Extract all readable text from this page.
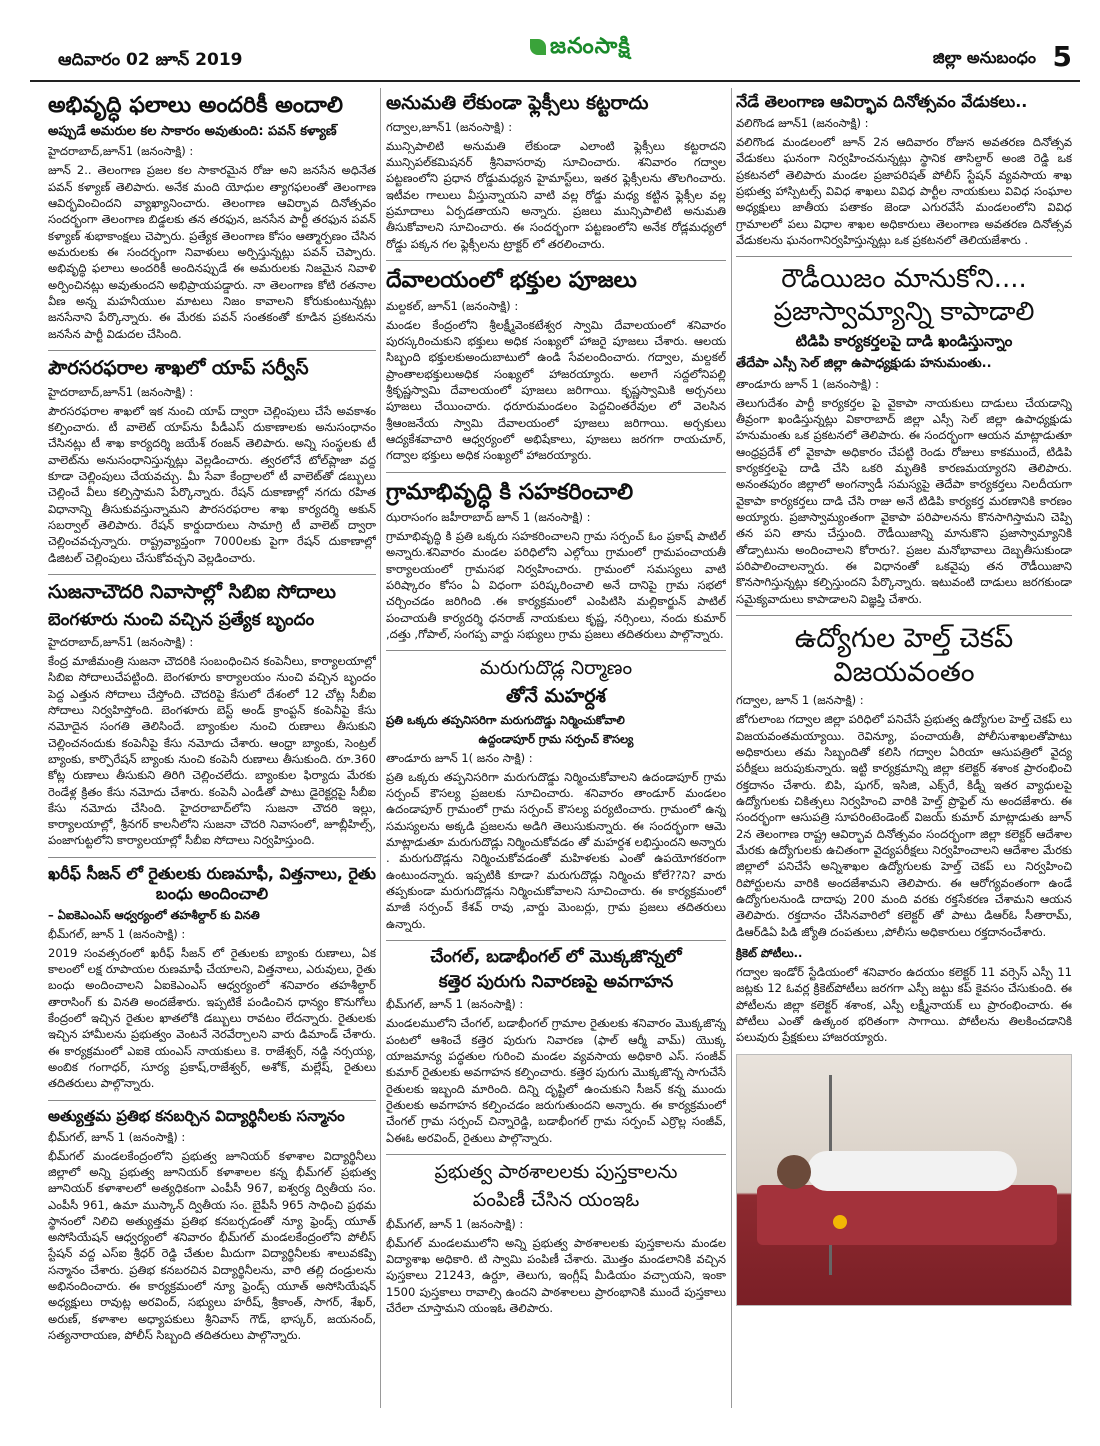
ఆదివారం 02 జూన్ 2019
జనంసాక్షి	జిల్లా అనుబంధం 5
అభివృద్ధి ఫలాలు అందరికీ అందాలి
అప్పుడే అమరుల కల సాకారం అవుతుంది: పవన్ కళ్యాణ్
హైదరాబాద్,జూన్1 (జనంసాక్షి) :

జూన్ 2.. తెలంగాణ ప్రజల కల సాకారమైన రోజు అని జనసేన అధినేత పవన్ కళ్యాణ్ తెలిపారు. అనేక మంది యోధుల త్యాగఫలంతో తెలంగాణ ఆవిర్భవించిందని వ్యాఖ్యానించారు. తెలంగాణ ఆవిర్భావ దినోత్సవం సందర్భంగా తెలంగాణ బిడ్డలకు తన తరఫున, జనసేన పార్టీ తరఫున పవన్ కళ్యాణ్ శుభాకాంక్షలు చెప్పారు. ప్రత్యేక తెలంగాణ కోసం ఆత్మార్పణం చేసిన అమరులకు ఈ సందర్భంగా నివాళులు అర్పిస్తున్నట్లు పవన్ చెప్పారు. అభివృద్ధి ఫలాలు అందరికీ అందినప్పుడే ఈ అమరులకు నిజమైన నివాళి అర్పించినట్లు అవుతుందని అభిప్రాయపడ్డారు. నా తెలంగాణ కోటి రతనాల వీణ అన్న మహనీయుల మాటలు నిజం కావాలని కోరుకుంటున్నట్లు జనసేనాని పేర్కొన్నారు. ఈ మేరకు పవన్ సంతకంతో కూడిన ప్రకటనను జనసేన పార్టీ విడుదల చేసింది.

పౌరసరఫరాల శాఖలో యాప్ సర్వీస్
హైదరాబాద్,జూన్1 (జనంసాక్షి) :

పౌరసరఫరాల శాఖలో ఇక నుంచి యాప్ ద్వారా చెల్లింపులు చేసే అవకాశం కల్పించారు. టీ వాలెట్ యాప్‌ను పీడీఎస్ దుకాణాలకు అనుసంధానం చేసినట్లు టీ శాఖ కార్యదర్శి జయేశ్ రంజన్ తెలిపారు. అన్ని సంస్థలకు టీ వాలెట్‌ను అనుసంధానిస్తున్నట్లు వెల్లడించారు. త్వరలోనే టోల్‌ప్లాజా వద్ద కూడా చెల్లింపులు చేయవచ్చు. మీ సేవా కేంద్రాలలో టీ వాలెట్‌తో డబ్బులు చెల్లించే వీలు కల్పిస్తామని పేర్కొన్నారు. రేషన్ దుకాణాల్లో నగదు రహిత విధానాన్ని తీసుకువస్తున్నామని పౌరసరఫరాల శాఖ కార్యదర్శి అకున్ సబర్వాల్ తెలిపారు. రేషన్ కార్డుదారులు సామాగ్రి టీ వాలెట్ ద్వారా చెల్లించవచ్చన్నారు. రాష్ట్రవ్యాప్తంగా 7000లకు పైగా రేషన్ దుకాణాల్లో డిజిటల్ చెల్లింపులు చేసుకోవచ్చని వెల్లడించారు.

సుజనాచౌదరి నివాసాల్లో సిబిఐ సోదాలు
బెంగళూరు నుంచి వచ్చిన ప్రత్యేక బృందం
హైదరాబాద్,జూన్1 (జనంసాక్షి) :

కేంద్ర మాజీమంత్రి సుజనా చౌదరికి సంబంధించిన కంపెనీలు, కార్యాలయాల్లో సిబిఐ సోదాలుచేపట్టింది. బెంగళూరు కార్యాలయం నుంచి వచ్చిన బృందం పెద్ద ఎత్తున సోదాలు చేస్తోంది. చౌదరిపై కేసులో దేశంలో 12 చోట్ల సీబీఐ సోదాలు నిర్వహిస్తోంది. బెంగళూరు బెస్ట్ అండ్ క్రాంప్టన్ కంపెనీపై కేసు నమోదైన సంగతి తెలిసిందే. బ్యాంకుల నుంచి రుణాలు తీసుకుని చెల్లించనందుకు కంపెనీపై కేసు నమోదు చేశారు. ఆంధ్రా బ్యాంకు, సెంట్రల్ బ్యాంకు, కార్పొరేషన్ బ్యాంకు నుంచి కంపెనీ రుణాలు తీసుకుంది. రూ.360 కోట్ల రుణాలు తీసుకుని తిరిగి చెల్లించలేదు. బ్యాంకుల ఫిర్యాదు మేరకు రెండేళ్ల క్రితం కేసు నమోదు చేశారు. కంపెనీ ఎండీతో పాటు డైరెక్టర్లపై సీబీఐ కేసు నమోదు చేసింది. హైదరాబాద్‌లోని సుజనా చౌదరి ఇల్లు, కార్యాలయాల్లో, శ్రీనగర్ కాలనీలోని సుజనా చౌదరి నివాసంలో, జూబ్లీహిల్స్, పంజాగుట్టలోని కార్యాలయాల్లో సీబీఐ సోదాలు నిర్వహిస్తుంది.

ఖరీఫ్ సీజన్ లో రైతులకు రుణమాఫీ, విత్తనాలు, రైతు బంధు అందించాలి
– ఏఐకెఎంఎస్ ఆధ్వర్యంలో తహశీల్దార్ కు వినతి
భీమ్‌గల్, జూన్ 1 (జనంసాక్షి) :

2019 సంవత్సరంలో ఖరీఫ్ సీజన్ లో రైతులకు బ్యాంకు రుణాలు, ఏక కాలంలో లక్ష రూపాయల రుణమాఫీ చేయాలని, విత్తనాలు, ఎరువులు, రైతు బంధు అందించాలని ఏఐకెఎంఎస్ ఆధ్వర్యంలో శనివారం తహశీల్దార్ తారాసింగ్ కు వినతి అందజేశారు. ఇప్పటికే పండించిన ధాన్యం కొనుగోలు కేంద్రంలో ఇచ్చిన రైతుల ఖాతలోకి డబ్బులు రావటం లేదన్నారు. రైతులకు ఇచ్చిన హామీలను ప్రభుత్వం వెంటనే నెరవేర్చాలని వారు డిమాండ్ చేశారు. ఈ కార్యక్రమంలో ఎఐకె యంఎస్ నాయకులు కె. రాజేశ్వర్, నడ్డి నర్సయ్య, అంబిక గంగాధర్, సూర్య ప్రకాష్,రాజేశ్వర్, అశోక్, మల్లేష్, రైతులు తదితరులు పాల్గొన్నారు.

అత్యుత్తమ ప్రతిభ కనబర్చిన విద్యార్థినీలకు సన్మానం
భీమ్‌గల్, జూన్ 1 (జనంసాక్షి) :

భీమ్‌గల్ మండలకేంద్రంలోని ప్రభుత్వ జూనియర్ కళాశాల విద్యార్థినీలు జిల్లాలో అన్ని ప్రభుత్వ జూనియర్ కళాశాలల కన్న భీమ్‌గల్ ప్రభుత్వ జూనియర్ కళాశాలలో అత్యధికంగా ఎంపీసీ 967, ఐశ్వర్య ద్వితీయ సం. ఎంపీసీ 961, ఉమా ముస్కాన్ ద్వితీయ సం. బైపీసీ 965 సాధించి ప్రథమ స్థానంలో నిలిచి అత్యుత్తమ ప్రతిభ కనబర్చడంతో న్యూ ఫ్రెండ్స్ యూత్ అసోసియేషన్ ఆధ్వర్యంలో శనివారం భీమ్‌గల్ మండలకేంద్రంలోని పోలీస్ స్టేషన్ వద్ద ఎస్ఐ శ్రీధర్ రెడ్డి చేతుల మీదుగా విద్యార్థినీలకు శాలువకప్పి సన్మానం చేశారు. ప్రతిభ కనబరచిన విద్యార్థినీలను, వారి తల్లి దండ్రులను అభినందించారు. ఈ కార్యక్రమంలో న్యూ ఫ్రెండ్స్ యూత్ అసోసియేషన్ అధ్యక్షులు రావుట్ల అరవింద్, సభ్యులు హరీష్, శ్రీకాంత్, సాగర్, శేఖర్, అరుణ్, కళాశాల అధ్యాపకులు శ్రీనివాస్ గౌడ్, భాస్కర్, జయనంద్, సత్యనారాయణ, పోలీస్ సిబ్బంది తదితరులు పాల్గొన్నారు.

అనుమతి లేకుండా ఫ్లెక్సీలు కట్టరాదు
గద్వాల,జూన్1 (జనంసాక్షి) :

మున్సిపాలిటి అనుమతి లేకుండా ఎలాంటి ఫ్లెక్సీలు కట్టరాదని మున్సిపల్‌కమిషనర్ శ్రీనివాసరావు సూచించారు. శనివారం గద్వాల పట్టణంలోని ప్రధాన రోడ్డుమధ్యన హైమాస్ట్‌లు, ఇతర ఫ్లెక్సీలను తొలగించారు. ఇటీవల గాలులు వీస్తున్నాయని వాటి వల్ల రోడ్డు మధ్య కట్టిన ఫ్లెక్సీల వల్ల ప్రమాదాలు ఏర్పడతాయని అన్నారు. ప్రజలు మున్సిపాలిటి అనుమతి తీసుకోవాలని సూచించారు. ఈ సందర్భంగా పట్టణంలోని అనేక రోడ్లమధ్యలో రోడ్డు పక్కన గల ఫ్లెక్సీలను ట్రాక్టర్ లో తరలించారు.

దేవాలయంలో భక్తుల పూజలు
మల్దకల్, జూన్1 (జనంసాక్షి) :

మండల కేంద్రంలోని శ్రీలక్ష్మీవెంకటేశ్వర స్వామి దేవాలయంలో శనివారం పురస్కరించుకుని భక్తులు అధిక సంఖ్యలో హాజరై పూజలు చేశారు. ఆలయ సిబ్బంది భక్తులకుఅందుబాటులో ఉండి సేవలందించారు. గద్వాల, మల్దకల్ ప్రాంతాలభక్తులుఅధిక సంఖ్యలో హాజరయ్యారు. అలాగే సద్దలోనిపల్లి శ్రీకృష్ణస్వామి దేవాలయంలో పూజలు జరిగాయి. కృష్ణస్వామికి అర్చనలు పూజలు చేయించారు. ధరూరుమండలం పెద్దచింతరేవుల లో వెలసిన శ్రీఆంజనేయ స్వామి దేవాలయంలో పూజలు జరిగాయి. అర్చకులు ఆద్యకేశవాచారి ఆధ్వర్యంలో అభిషేకాలు, పూజలు జరగగా రాయచూర్, గద్వాల భక్తులు అధిక సంఖ్యలో హాజరయ్యారు.

గ్రామాభివృద్ధి కి సహకరించాలి
ఝరాసంగం జహీరాబాద్ జూన్ 1 (జనంసాక్షి) :

గ్రామాభివృద్ధి కి ప్రతి ఒక్కరు సహకరించాలని గ్రామ సర్పంచ్ ఓం ప్రకాష్ పాటిల్ అన్నారు.శనివారం మండల పరిధిలోని ఎల్గోయి గ్రామంలో గ్రామపంచాయతీ కార్యాలయంలో గ్రామసభ నిర్వహించారు. గ్రామంలో సమస్యలు వాటి పరిష్కారం కోసం ఏ విధంగా పరిష్కరించాలి అనే దానిపై గ్రామ సభలో చర్చించడం జరిగింది .ఈ కార్యక్రమంలో ఎంపిటిసి మల్లికార్జున్ పాటిల్ పంచాయతీ కార్యదర్శి ధనరాజ్ నాయకులు కృష్ణ, నర్సింలు, నందు కుమార్ ,దత్తు ,గోపాల్, సంగప్ప వార్డు సభ్యులు గ్రామ ప్రజలు తదితరులు పాల్గొన్నారు.

మరుగుదొడ్ల నిర్మాణం
తోనే మహర్దశ
ప్రతి ఒక్కరు తప్పనిసరిగా మరుగుదొడ్డు నిర్మించుకోవాలి
ఉద్దండాపూర్ గ్రామ సర్పంచ్ కౌసల్య
తాండూరు జూన్ 1( జనం సాక్షి) :

ప్రతి ఒక్కరు తప్పనిసరిగా మరుగుదొడ్డు నిర్మించుకోవాలని ఉదండాపూర్ గ్రామ సర్పంచ్ కౌసల్య ప్రజలకు సూచించారు. శనివారం తాండూర్ మండలం ఉదండాపూర్ గ్రామంలో గ్రామ సర్పంచ్ కౌసల్య పర్యటించారు. గ్రామంలో ఉన్న సమస్యలను అక్కడి ప్రజలను అడిగి తెలుసుకున్నారు. ఈ సందర్భంగా ఆమె మాట్లాడుతూ మరుగుదొడ్లు నిర్మించుకోవడం తో మహర్దశ లభిస్తుందని అన్నారు . మరుగుదొడ్లను నిర్మించుకోవడంతో మహిళలకు ఎంతో ఉపయోగకరంగా ఉంటుందన్నారు. ఇప్పటికి కూడా? మరుగుదొడ్లు నిర్మించు కోలే??ని? వారు తప్పకుండా మరుగుదొడ్లను నిర్మించుకోవాలని సూచించారు. ఈ కార్యక్రమంలో మాజీ సర్పంచ్ కేశవ్ రావు ,వార్డు మెంబర్లు, గ్రామ ప్రజలు తదితరులు ఉన్నారు.

చేంగల్, బడాభీంగల్ లో మొక్కజొన్నలో
కత్తెర పురుగు నివారణపై అవగాహన
భీమ్‌గల్, జూన్ 1 (జనంసాక్షి) :

మండలములోని చేంగల్, బడాభీంగల్ గ్రామాల రైతులకు శనివారం మొక్కజొన్న పంటలో ఆశించే కత్తెర పురుగు నివారణ (ఫాల్ ఆర్మీ వామ్) యొక్క యాజమాన్య పద్ధతుల గురించి మండల వ్యవసాయ అధికారి ఎస్. సంజీవ్ కుమార్ రైతులకు అవగాహన కల్పించారు. కత్తెర పురుగు మొక్కజొన్న సాగుచేసే రైతులకు ఇబ్బంది మారింది. దిన్ని దృష్టిలో ఉంచుకుని సీజన్ కన్న ముందు రైతులకు అవగాహన కల్పించడం జరుగుతుందని అన్నారు. ఈ కార్యక్రమంలో చేంగల్ గ్రామ సర్పంచ్ చిన్నారెడ్డి, బడాభీంగల్ గ్రామ సర్పంచ్ ఎర్రొల్ల సంజీవ్, ఏఈఓ అరవింద్, రైతులు పాల్గొన్నారు.

ప్రభుత్వ పాఠశాలలకు పుస్తకాలను
పంపిణీ చేసిన యంఇఓ
భీమ్‌గల్, జూన్ 1 (జనంసాక్షి) :

భీమ్‌గల్ మండలములోని అన్ని ప్రభుత్వ పాఠశాలలకు పుస్తకాలను మండల విద్యాశాఖ అధికారి. టి స్వామి పంపిణీ చేశారు. మొత్తం మండలానికి వచ్చిన పుస్తకాలు 21243, ఉర్దూ, తెలుగు, ఇంగ్లీష్ మీడియం వచ్చాయని, ఇంకా 1500 పుస్తకాలు రావాల్సి ఉందని పాఠశాలలు ప్రారంభానికి ముందే పుస్తకాలు చేరేలా చూస్తామని యంఇఓ తెలిపారు.

నేడే తెలంగాణ ఆవిర్భావ దినోత్సవం వేడుకలు..
వలిగొండ జూన్1 (జనంసాక్షి) :

వలిగొండ మండలంలో జూన్ 2న ఆదివారం రోజున అవతరణ దినోత్సవ వేడుకలు ఘనంగా నిర్వహించనున్నట్లు స్థానిక తాసిల్దార్ అంజి రెడ్డి ఒక ప్రకటనలో తెలిపారు మండల ప్రజాపరిషత్ పోలీస్ స్టేషన్ వ్యవసాయ శాఖ ప్రభుత్వ హాస్పిటల్స్ వివిధ శాఖలు వివిధ పార్టీల నాయకులు వివిధ సంఘాల అధ్యక్షులు జాతీయ పతాకం జెండా ఎగురవేసే మండలంలోని వివిధ గ్రామాలలో పలు విధాల శాఖల అధికారులు తెలంగాణ అవతరణ దినోత్సవ వేడుకలను ఘనంగానిర్వహిస్తున్నట్లు ఒక ప్రకటనలో తెలియజేశారు .

రౌడీయిజం మానుకోని....
ప్రజాస్వామ్యాన్ని కాపాడాలి
టిడిపి కార్యకర్తలపై దాడి ఖండిస్తున్నాం
తేదేపా ఎస్సీ సెల్ జిల్లా ఉపాధ్యక్షుడు హనుమంతు..
తాండూరు జూన్ 1 (జనంసాక్షి) :

తెలుగుదేశం పార్టీ కార్యకర్తల పై వైకాపా నాయకులు దాడులు చేయడాన్ని తీవ్రంగా ఖండిస్తున్నట్లు వికారాబాద్ జిల్లా ఎస్సీ సెల్ జిల్లా ఉపాధ్యక్షుడు హనుమంతు ఒక ప్రకటనలో తెలిపారు. ఈ సందర్భంగా ఆయన మాట్లాడుతూ ఆంధ్రప్రదేశ్ లో వైకాపా అధికారం చేపట్టి రెండు రోజులు కాకముందే, టిడిపి కార్యకర్తలపై దాడి చేసి ఒకరి మృతికి కారణమయ్యారని తెలిపారు. అనంతపురం జిల్లాలో అంగన్వాడీ సమస్యపై తెదేపా కార్యకర్తలు నిలదీయగా వైకాపా కార్యకర్తలు దాడి చేసి రాజు అనే టిడిపి కార్యకర్త మరణానికి కారణం అయ్యారు. ప్రజాస్వామ్యంతంగా వైకాపా పరిపాలనను కొనసాగిస్తామని చెప్పి తన పని తాను చేస్తుంది. రౌడీయిజాన్ని మానుకొని ప్రజాస్వామ్యానికి తోడ్పాటును అందించాలని కోరారు?. ప్రజల మనోభావాలు దెబ్బతీసుకుండా పరిపాలించాలన్నారు. ఈ విధానంతో ఒకవైపు తన రౌడీయిజాని కొనసాగిస్తున్నట్లు కల్పిస్తుందని పేర్కొన్నారు. ఇటువంటి దాడులు జరగకుండా సమైక్యవాదులు కాపాడాలని విజ్ఞప్తి చేశారు.

ఉద్యోగుల హెల్త్ చెకప్
విజయవంతం
గద్వాల, జూన్ 1 (జనసాక్షి) :

జోగులాంబ గద్వాల జిల్లా పరిధిలో పనిచేసే ప్రభుత్వ ఉద్యోగుల హెల్త్ చెకప్ లు విజయవంతమయ్యాయి. రెవిన్యూ, పంచాయతీ, పోలీసుశాఖలతోపాటు అధికారులు తమ సిబ్బందితో కలిసి గద్వాల ఏరియా ఆసుపత్రిలో వైద్య పరీక్షలు జరుపుకున్నారు. ఇట్టి కార్యక్రమాన్ని జిల్లా కలెక్టర్ శశాంక ప్రారంభించి రక్తదానం చేశారు. బిపి, షుగర్, ఇసిజి, ఎక్స్‌రే, కిడ్నీ ఇతర వ్యాధులపై ఉద్యోగులకు చికిత్సలు నిర్వహించి వారికి హెల్త్ ప్రొఫైల్ ను అందజేశారు. ఈ సందర్భంగా ఆసుపత్రి సూపరింటెండెంట్ విజయ్ కుమార్ మాట్లాడుతు జూన్ 2న తెలంగాణ రాష్ట్ర ఆవిర్భావ దినోత్సవం సందర్భంగా జిల్లా కలెక్టర్ ఆదేశాల మేరకు ఉద్యోగులకు ఉచితంగా వైద్యపరీక్షలు నిర్వహించాలని ఆదేశాల మేరకు జిల్లాలో పనిచేసే అన్నిశాఖల ఉద్యోగులకు హెల్త్ చెకప్ లు నిర్వహించి రిపోర్టులను వారికి అందజేశామని తెలిపారు. ఈ ఆరోగ్యవంతంగా ఉండే ఉద్యోగులనుండి దాదాపు 200 మంది వరకు రక్తసేకరణ చేశామని ఆయన తెలిపారు. రక్తదానం చేసినవారిలో కలెక్టర్ తో పాటు డిఆర్‌ఓ సీతారామ్, డిఆర్‌డిఏ పిడి జ్యోతి దంపతులు ,పోలీసు అధికారులు రక్తదానంచేశారు.

క్రికెట్ పోటీలు..

గద్వాల ఇండోర్ స్టేడియంలో శనివారం ఉదయం కలెక్టర్ 11 వర్సెస్ ఎస్పీ 11 జట్లకు 12 ఓవర్ల క్రికెట్‌పోటీలు జరగగా ఎస్పీ జట్టు కప్ కైవసం చేసుకుంది. ఈ పోటీలను జిల్లా కలెక్టర్ శశాంక, ఎస్పీ లక్ష్మీనాయక్ లు ప్రారంభించారు. ఈ పోటీలు ఎంతో ఉత్కంఠ భరితంగా సాగాయి. పోటీలను తిలకించడానికి పలువురు ప్రేక్షకులు హాజరయ్యారు.
